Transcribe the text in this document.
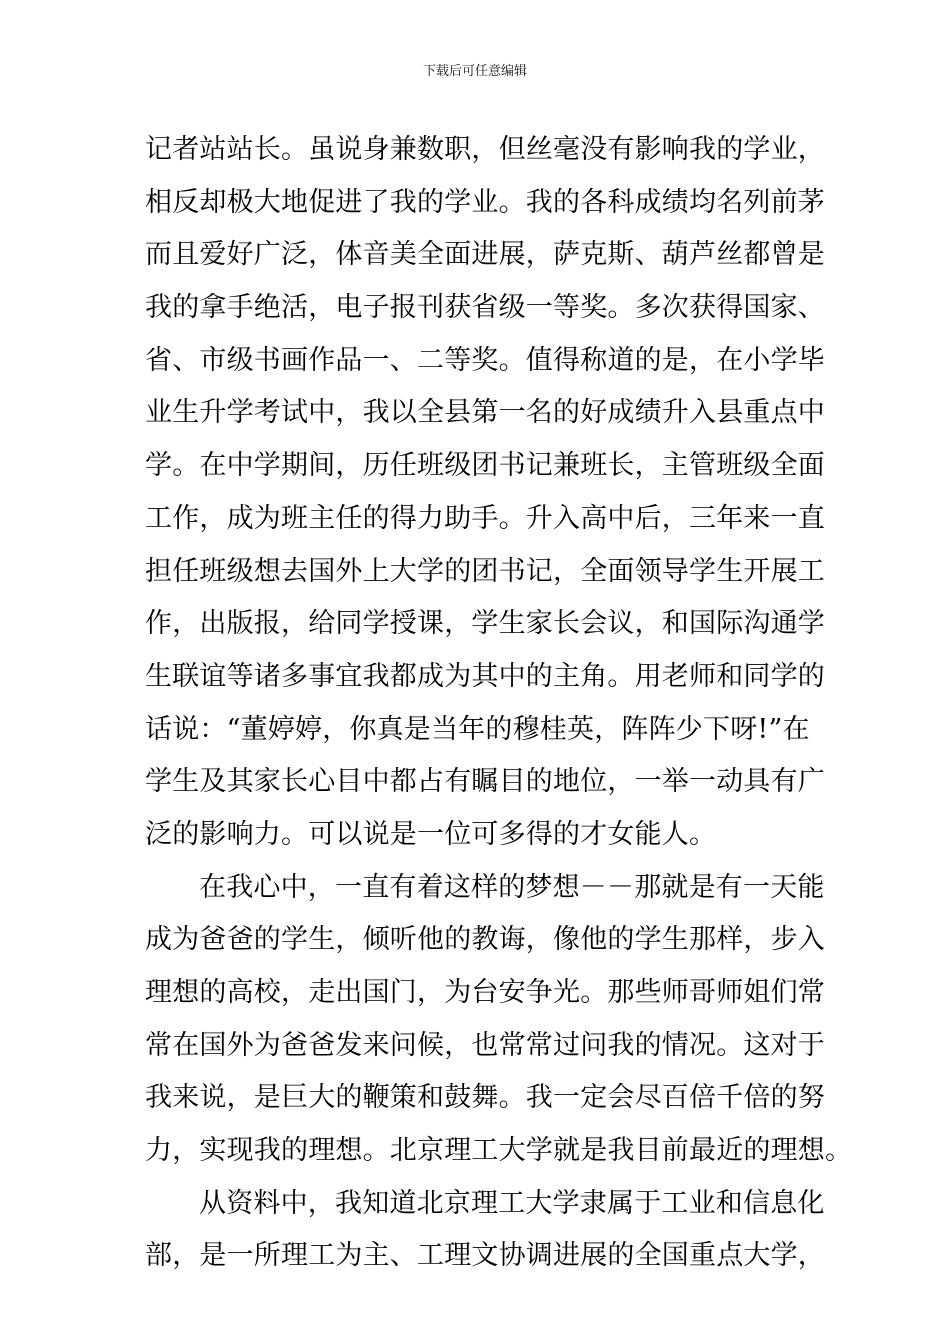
下载后可任意编辑
记者站站长。虽说身兼数职，但丝毫没有影响我的学业，
相反却极大地促进了我的学业。我的各科成绩均名列前茅
而且爱好广泛，体音美全面进展，萨克斯、葫芦丝都曾是
我的拿手绝活，电子报刊获省级一等奖。多次获得国家、
省、市级书画作品一、二等奖。值得称道的是，在小学毕
业生升学考试中，我以全县第一名的好成绩升入县重点中
学。在中学期间，历任班级团书记兼班长，主管班级全面
工作，成为班主任的得力助手。升入高中后，三年来一直
担任班级想去国外上大学的团书记，全面领导学生开展工
作，出版报，给同学授课，学生家长会议，和国际沟通学
生联谊等诸多事宜我都成为其中的主角。用老师和同学的
话说：“董婷婷，你真是当年的穆桂英，阵阵少下呀!”在
学生及其家长心目中都占有瞩目的地位，一举一动具有广
泛的影响力。可以说是一位可多得的才女能人。
在我心中，一直有着这样的梦想－－那就是有一天能
成为爸爸的学生，倾听他的教诲，像他的学生那样，步入
理想的高校，走出国门，为台安争光。那些师哥师姐们常
常在国外为爸爸发来问候，也常常过问我的情况。这对于
我来说，是巨大的鞭策和鼓舞。我一定会尽百倍千倍的努
力，实现我的理想。北京理工大学就是我目前最近的理想。
从资料中，我知道北京理工大学隶属于工业和信息化
部，是一所理工为主、工理文协调进展的全国重点大学，
